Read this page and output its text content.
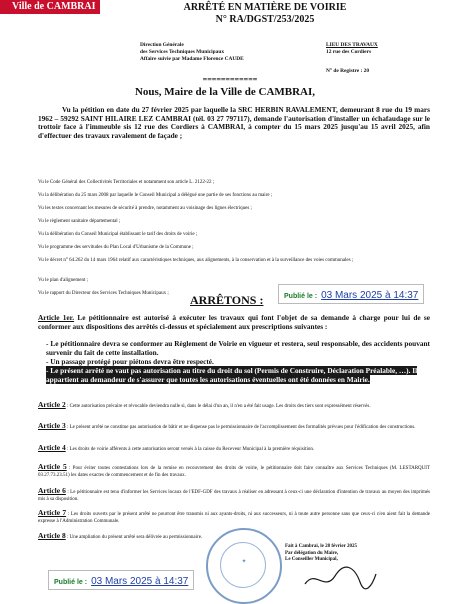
Ville de CAMBRAI	ARRÊTÉ EN MATIÈRE DE VOIRIE
N° RA/DGST/253/2025
Direction Générale
des Services Techniques Municipaux
Affaire suivie par Madame Florence CAUDE
LIEU DES TRAVAUX
12 rue des Cordiers
N° de Registre : 20
============
Nous, Maire de la Ville de CAMBRAI,
Vu la pétition en date du 27 février 2025 par laquelle la SRC HERBIN RAVALEMENT, demeurant 8 rue du 19 mars 1962 – 59292 SAINT HILAIRE LEZ CAMBRAI (tél. 03 27 797117), demande l'autorisation d'installer un échafaudage sur le trottoir face à l'immeuble sis 12 rue des Cordiers à CAMBRAI, à compter du 15 mars 2025 jusqu'au 15 avril 2025, afin d'effectuer des travaux ravalement de façade ;
Vu le Code Général des Collectivités Territoriales et notamment son article L. 2122-22 ;
Vu la délibération du 25 mars 2008 par laquelle le Conseil Municipal a délégué une partie de ses fonctions au maire ;
Vu les textes concernant les mesures de sécurité à prendre, notamment au voisinage des lignes électriques ;
Vu le règlement sanitaire départemental ;
Vu la délibération du Conseil Municipal établissant le tarif des droits de voirie ;
Vu le programme des servitudes du Plan Local d'Urbanisme de la Commune ;
Vu le décret n° 64.262 du 14 mars 1964 relatif aux caractéristiques techniques, aux alignements, à la conservation et à la surveillance des voies communales ;
Vu le plan d'alignement ;
Vu le rapport du Directeur des Services Techniques Municipaux ;	Publié le : 03 Mars 2025 à 14:37
ARRÊTONS :
Article 1er. Le pétitionnaire est autorisé à exécuter les travaux qui font l'objet de sa demande à charge pour lui de se conformer aux dispositions des arrêtés ci-dessus et spécialement aux prescriptions suivantes :
- Le pétitionnaire devra se conformer au Règlement de Voirie en vigueur et restera, seul responsable, des accidents pouvant survenir du fait de cette installation.
- Un passage protégé pour piétons devra être respecté.
- Le présent arrêté ne vaut pas autorisation au titre du droit du sol (Permis de Construire, Déclaration Préalable, …). Il appartient au demandeur de s'assurer que toutes les autorisations éventuelles ont été données en Mairie.
Article 2 : Cette autorisation précaire et révocable deviendra nulle si, dans le délai d'un an, il n'en a été fait usage. Les droits des tiers sont expressément réservés.
Article 3 : Le présent arrêté ne constitue pas autorisation de bâtir et ne dispense pas le permissionnaire de l'accomplissement des formalités prévues pour l'édification des constructions.
Article 4 : Les droits de voirie afférents à cette autorisation seront versés à la caisse du Receveur Municipal à la première réquisition.
Article 5 : Pour éviter toutes contestations lors de la remise en recouvrement des droits de voirie, le pétitionnaire doit faire connaître aux Services Techniques (M. LESTARQUIT 03.27.73.23.51) les dates exactes de commencement et de fin des travaux.
Article 6 : Le pétitionnaire est tenu d'informer les Services locaux de l'EDF-GDF des travaux à réaliser en adressant à ceux-ci une déclaration d'intention de travaux au moyen des imprimés mis à sa disposition.
Article 7 : Les droits ouverts par le présent arrêté ne pourront être transmis ni aux ayants-droits, ni aux successeurs, ni à toute autre personne sans que ceux-ci n'en aient fait la demande expresse à l'Administration Communale.
Article 8 : Une ampliation du présent arrêté sera délivrée au permissionnaire.
✦
Fait à Cambrai, le 28 février 2025
Par délégation du Maire,
Le Conseiller Municipal,
Publié le : 03 Mars 2025 à 14:37
